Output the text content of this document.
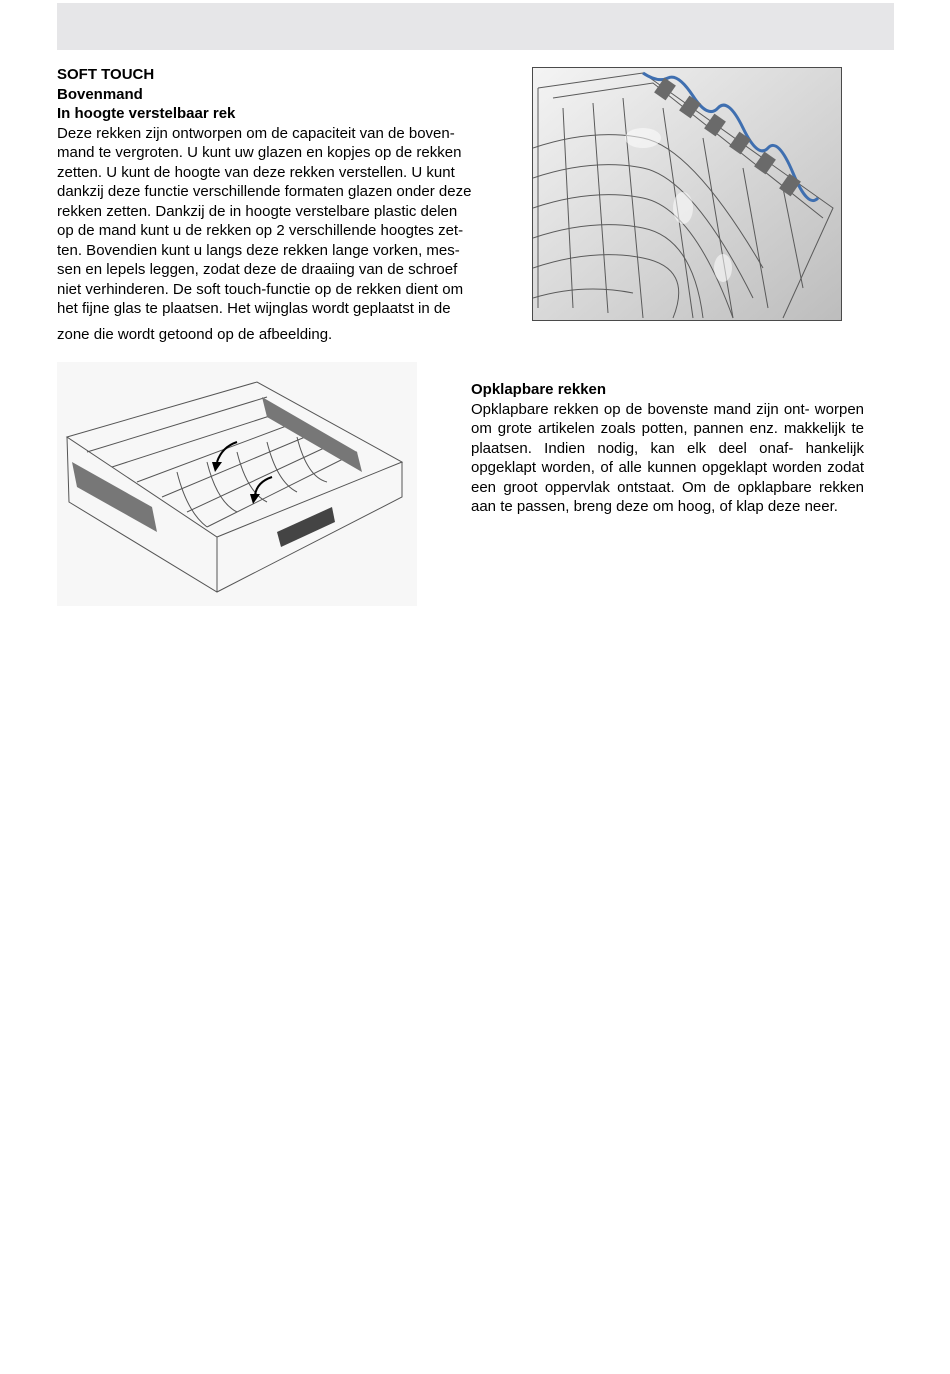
SOFT TOUCH
Bovenmand
In hoogte verstelbaar rek
Deze rekken zijn ontworpen om de capaciteit van de boven-
mand te vergroten. U kunt uw glazen en kopjes op de rekken
zetten. U kunt de hoogte van deze rekken verstellen. U kunt
dankzij deze functie verschillende formaten glazen onder deze
rekken zetten. Dankzij de in hoogte verstelbare plastic delen
op de mand kunt u de rekken op 2 verschillende hoogtes zet-
ten. Bovendien kunt u langs deze rekken lange vorken, mes-
sen en lepels leggen, zodat deze de draaiing van de schroef
niet verhinderen. De soft touch-functie op de rekken dient om
het fijne glas te plaatsen. Het wijnglas wordt geplaatst in de
zone die wordt getoond op de afbeelding.
Opklapbare rekken
Opklapbare rekken op de bovenste mand zijn ont- worpen om grote artikelen zoals potten, pannen enz. makkelijk te plaatsen. Indien nodig, kan elk deel onaf- hankelijk opgeklapt worden, of alle kunnen opgeklapt worden zodat een groot oppervlak ontstaat. Om de opklapbare rekken aan te passen, breng deze om hoog, of klap deze neer.
